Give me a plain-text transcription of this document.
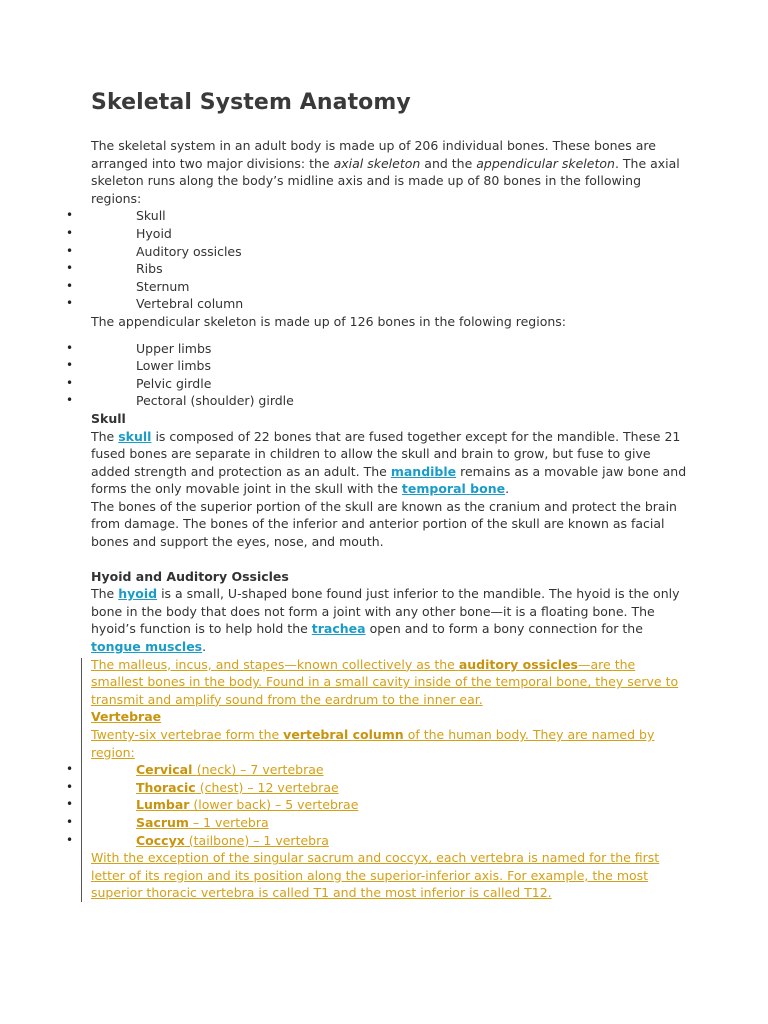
Skeletal System Anatomy

The skeletal system in an adult body is made up of 206 individual bones. These bones are arranged into two major divisions: the axial skeleton and the appendicular skeleton. The axial skeleton runs along the body’s midline axis and is made up of 80 bones in the following regions:

•	Skull
•	Hyoid
•	Auditory ossicles
•	Ribs
•	Sternum
•	Vertebral column

The appendicular skeleton is made up of 126 bones in the folowing regions:

•	Upper limbs
•	Lower limbs
•	Pelvic girdle
•	Pectoral (shoulder) girdle

Skull

The skull is composed of 22 bones that are fused together except for the mandible. These 21 fused bones are separate in children to allow the skull and brain to grow, but fuse to give added strength and protection as an adult. The mandible remains as a movable jaw bone and forms the only movable joint in the skull with the temporal bone.

The bones of the superior portion of the skull are known as the cranium and protect the brain from damage. The bones of the inferior and anterior portion of the skull are known as facial bones and support the eyes, nose, and mouth.

Hyoid and Auditory Ossicles

The hyoid is a small, U-shaped bone found just inferior to the mandible. The hyoid is the only bone in the body that does not form a joint with any other bone—it is a floating bone. The hyoid’s function is to help hold the trachea open and to form a bony connection for the tongue muscles.

The malleus, incus, and stapes—known collectively as the auditory ossicles—are the smallest bones in the body. Found in a small cavity inside of the temporal bone, they serve to transmit and amplify sound from the eardrum to the inner ear.

Vertebrae

Twenty-six vertebrae form the vertebral column of the human body. They are named by region:

•	Cervical (neck) – 7 vertebrae
•	Thoracic (chest) – 12 vertebrae
•	Lumbar (lower back) – 5 vertebrae
•	Sacrum – 1 vertebra
•	Coccyx (tailbone) – 1 vertebra

With the exception of the singular sacrum and coccyx, each vertebra is named for the first letter of its region and its position along the superior-inferior axis. For example, the most superior thoracic vertebra is called T1 and the most inferior is called T12.
